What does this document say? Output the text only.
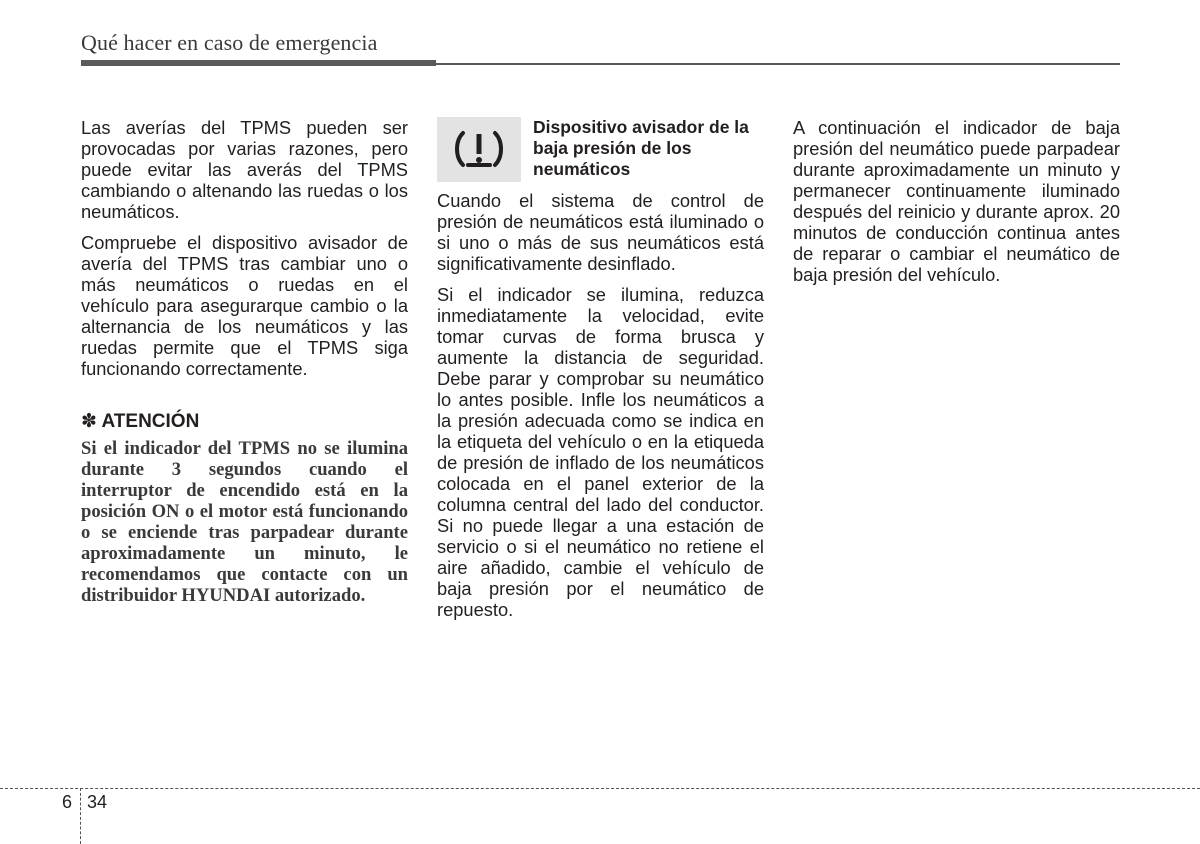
Qué hacer en caso de emergencia

Las averías del TPMS pueden ser provocadas por varias razones, pero puede evitar las averás del TPMS cambiando o altenando las ruedas o los neumáticos.

Compruebe el dispositivo avisador de avería del TPMS tras cambiar uno o más neumáticos o ruedas en el vehículo para asegurarque cambio o la alternancia de los neumáticos y las ruedas permite que el TPMS siga funcionando correctamente.

✽ ATENCIÓN
Si el indicador del TPMS no se ilumina durante 3 segundos cuando el interruptor de encendido está en la posición ON o el motor está funcionando o se enciende tras parpadear durante aproximadamente un minuto, le recomendamos que contacte con un distribuidor HYUNDAI autorizado.
Dispositivo avisador de la baja presión de los neumáticos

Cuando el sistema de control de presión de neumáticos está iluminado o si uno o más de sus neumáticos está significativamente desinflado.

Si el indicador se ilumina, reduzca inmediatamente la velocidad, evite tomar curvas de forma brusca y aumente la distancia de seguridad. Debe parar y comprobar su neumático lo antes posible. Infle los neumáticos a la presión adecuada como se indica en la etiqueta del vehículo o en la etiqueda de presión de inflado de los neumáticos colocada en el panel exterior de la columna central del lado del conductor. Si no puede llegar a una estación de servicio o si el neumático no retiene el aire añadido, cambie el vehículo de baja presión por el neumático de repuesto.

A continuación el indicador de baja presión del neumático puede parpadear durante aproximadamente un minuto y permanecer continuamente iluminado después del reinicio y durante aprox. 20 minutos de conducción continua antes de reparar o cambiar el neumático de baja presión del vehículo.

6 34
